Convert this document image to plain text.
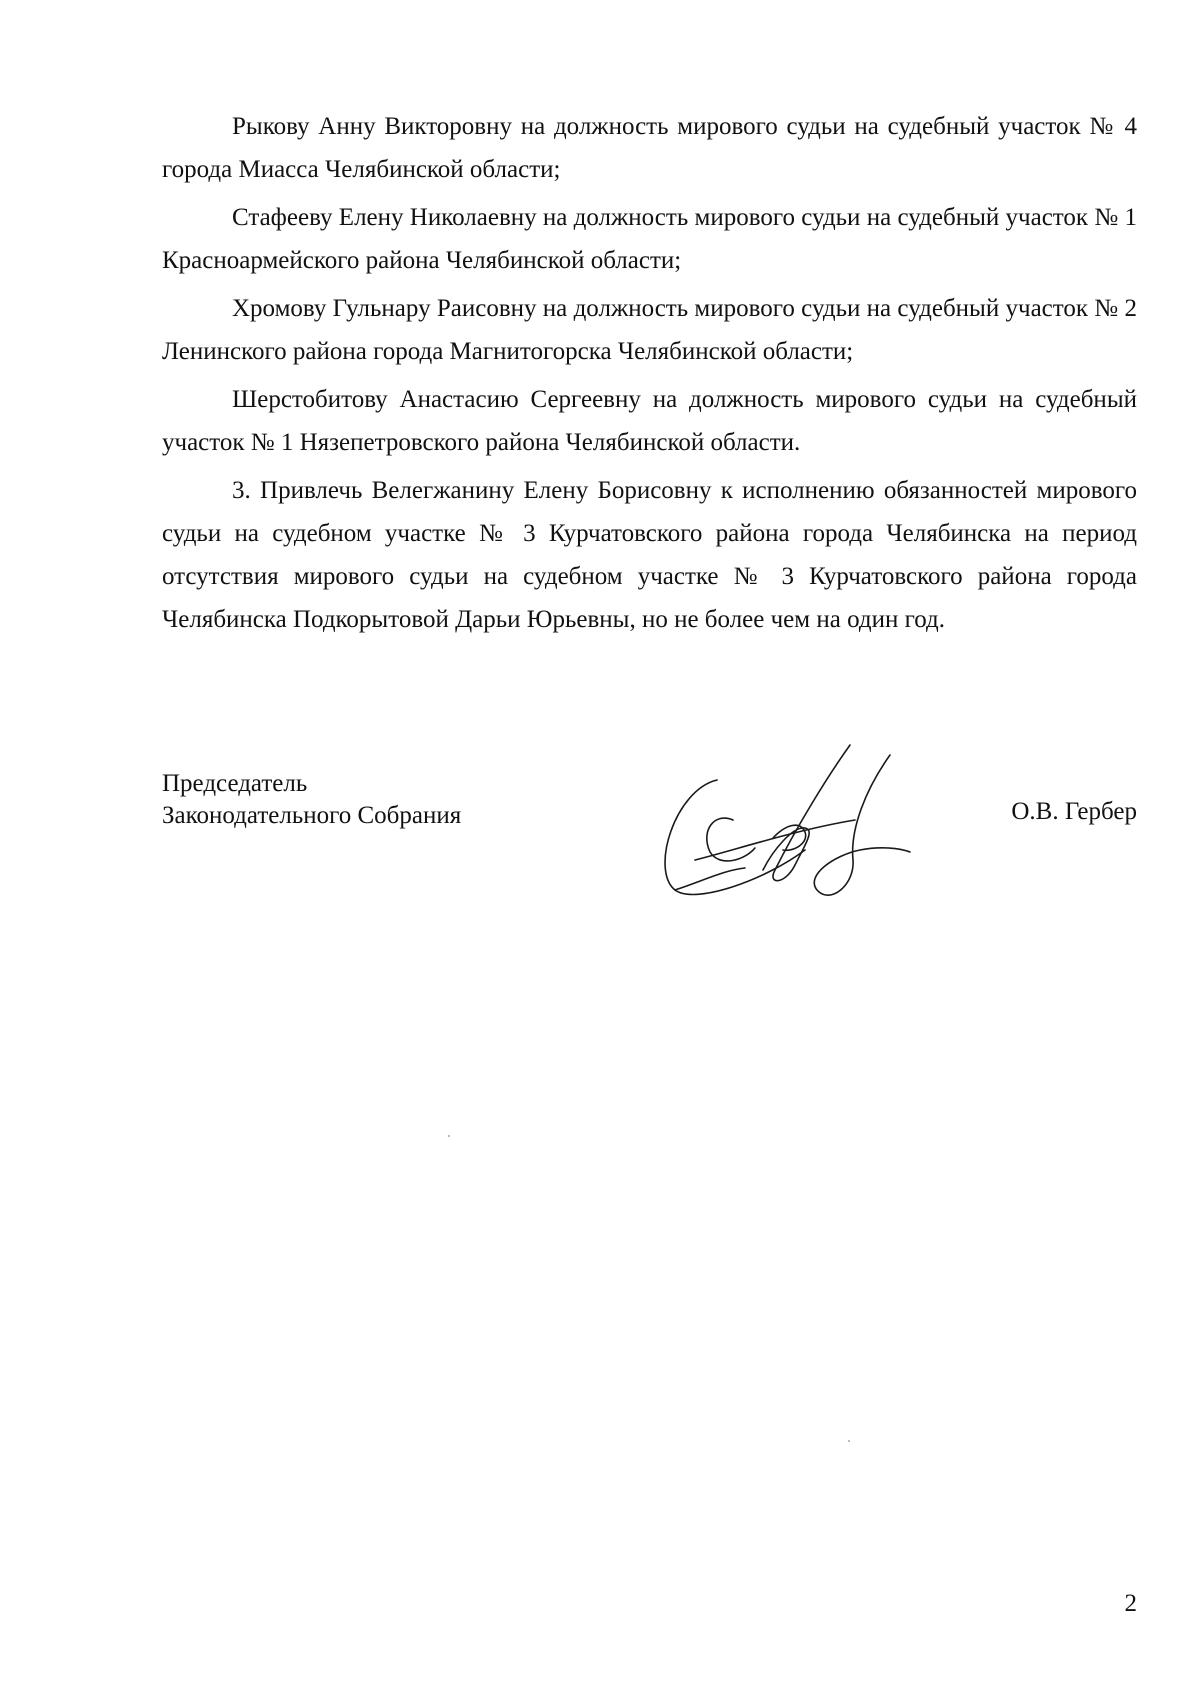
Рыкову Анну Викторовну на должность мирового судьи на судебный участок № 4 города Миасса Челябинской области;

Стафееву Елену Николаевну на должность мирового судьи на судебный участок № 1 Красноармейского района Челябинской области;

Хромову Гульнару Раисовну на должность мирового судьи на судебный участок № 2 Ленинского района города Магнитогорска Челябинской области;

Шерстобитову Анастасию Сергеевну на должность мирового судьи на судебный участок № 1 Нязепетровского района Челябинской области.

3. Привлечь Велегжанину Елену Борисовну к исполнению обязанностей мирового судьи на судебном участке № 3 Курчатовского района города Челябинска на период отсутствия мирового судьи на судебном участке № 3 Курчатовского района города Челябинска Подкорытовой Дарьи Юрьевны, но не более чем на один год.

Председатель
Законодательного Собрания	О.В. Гербер
2
